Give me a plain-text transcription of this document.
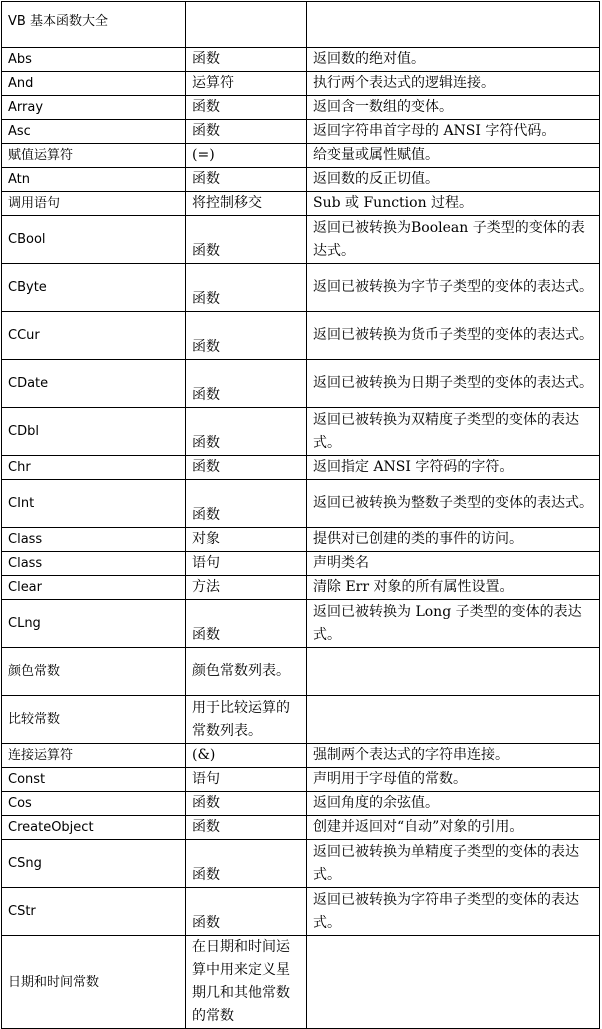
VB 基本函数大全		
Abs	函数	返回数的绝对值。
And	运算符	执行两个表达式的逻辑连接。
Array	函数	返回含一数组的变体。
Asc	函数	返回字符串首字母的 ANSI 字符代码。
赋值运算符	(=)	给变量或属性赋值。
Atn	函数	返回数的反正切值。
调用语句	将控制移交	Sub 或 Function 过程。
CBool	函数	返回已被转换为Boolean 子类型的变体的表达式。
CByte	函数	返回已被转换为字节子类型的变体的表达式。
CCur	函数	返回已被转换为货币子类型的变体的表达式。
CDate	函数	返回已被转换为日期子类型的变体的表达式。
CDbl	函数	返回已被转换为双精度子类型的变体的表达式。
Chr	函数	返回指定 ANSI 字符码的字符。
CInt	函数	返回已被转换为整数子类型的变体的表达式。
Class	对象	提供对已创建的类的事件的访问。
Class	语句	声明类名
Clear	方法	清除 Err 对象的所有属性设置。
CLng	函数	返回已被转换为 Long 子类型的变体的表达式。
颜色常数	颜色常数列表。	
比较常数	用于比较运算的常数列表。	
连接运算符	(&)	强制两个表达式的字符串连接。
Const	语句	声明用于字母值的常数。
Cos	函数	返回角度的余弦值。
CreateObject	函数	创建并返回对“自动”对象的引用。
CSng	函数	返回已被转换为单精度子类型的变体的表达式。
CStr	函数	返回已被转换为字符串子类型的变体的表达式。
日期和时间常数	在日期和时间运算中用来定义星期几和其他常数的常数	
